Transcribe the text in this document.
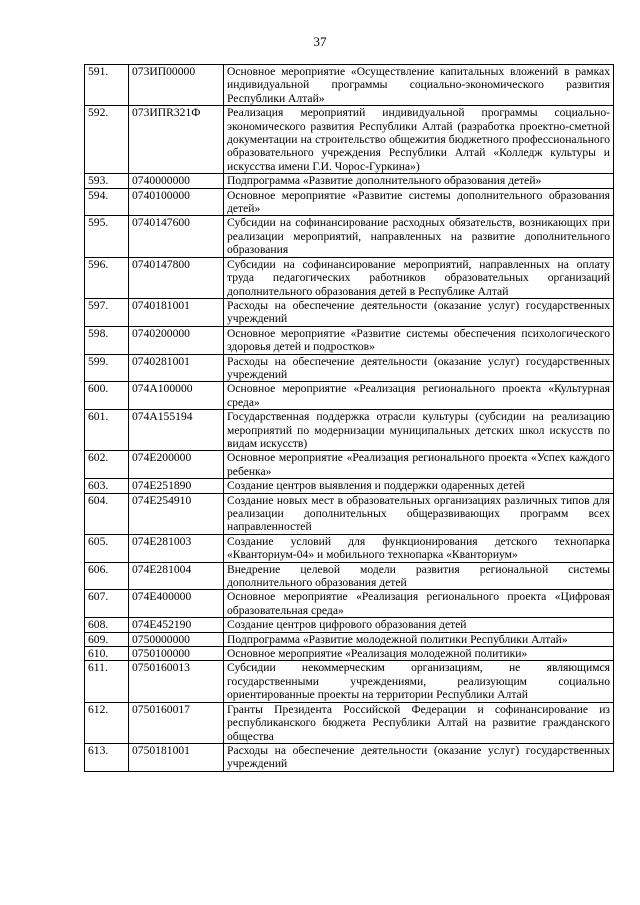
37
591.	073ИП00000	Основное мероприятие «Осуществление капитальных вложений в рамках индивидуальной программы социально-экономического развития Республики Алтай»
592.	073ИПR321Ф	Реализация мероприятий индивидуальной программы социально-экономического развития Республики Алтай (разработка проектно-сметной документации на строительство общежития бюджетного профессионального образовательного учреждения Республики Алтай «Колледж культуры и искусства имени Г.И. Чорос-Гуркина»)
593.	0740000000	Подпрограмма «Развитие дополнительного образования детей»
594.	0740100000	Основное мероприятие «Развитие системы дополнительного образования детей»
595.	0740147600	Субсидии на софинансирование расходных обязательств, возникающих при реализации мероприятий, направленных на развитие дополнительного образования
596.	0740147800	Субсидии на софинансирование мероприятий, направленных на оплату труда педагогических работников образовательных организаций дополнительного образования детей в Республике Алтай
597.	0740181001	Расходы на обеспечение деятельности (оказание услуг) государственных учреждений
598.	0740200000	Основное мероприятие «Развитие системы обеспечения психологического здоровья детей и подростков»
599.	0740281001	Расходы на обеспечение деятельности (оказание услуг) государственных учреждений
600.	074А100000	Основное мероприятие «Реализация регионального проекта «Культурная среда»
601.	074А155194	Государственная поддержка отрасли культуры (субсидии на реализацию мероприятий по модернизации муниципальных детских школ искусств по видам искусств)
602.	074Е200000	Основное мероприятие «Реализация регионального проекта «Успех каждого ребенка»
603.	074Е251890	Создание центров выявления и поддержки одаренных детей
604.	074Е254910	Создание новых мест в образовательных организациях различных типов для реализации дополнительных общеразвивающих программ всех направленностей
605.	074Е281003	Создание условий для функционирования детского технопарка «Кванториум-04» и мобильного технопарка «Кванториум»
606.	074Е281004	Внедрение целевой модели развития региональной системы дополнительного образования детей
607.	074Е400000	Основное мероприятие «Реализация регионального проекта «Цифровая образовательная среда»
608.	074Е452190	Создание центров цифрового образования детей
609.	0750000000	Подпрограмма «Развитие молодежной политики Республики Алтай»
610.	0750100000	Основное мероприятие «Реализация молодежной политики»
611.	0750160013	Субсидии некоммерческим организациям, не являющимся государственными учреждениями, реализующим социально ориентированные проекты на территории Республики Алтай
612.	0750160017	Гранты Президента Российской Федерации и софинансирование из республиканского бюджета Республики Алтай на развитие гражданского общества
613.	0750181001	Расходы на обеспечение деятельности (оказание услуг) государственных учреждений
